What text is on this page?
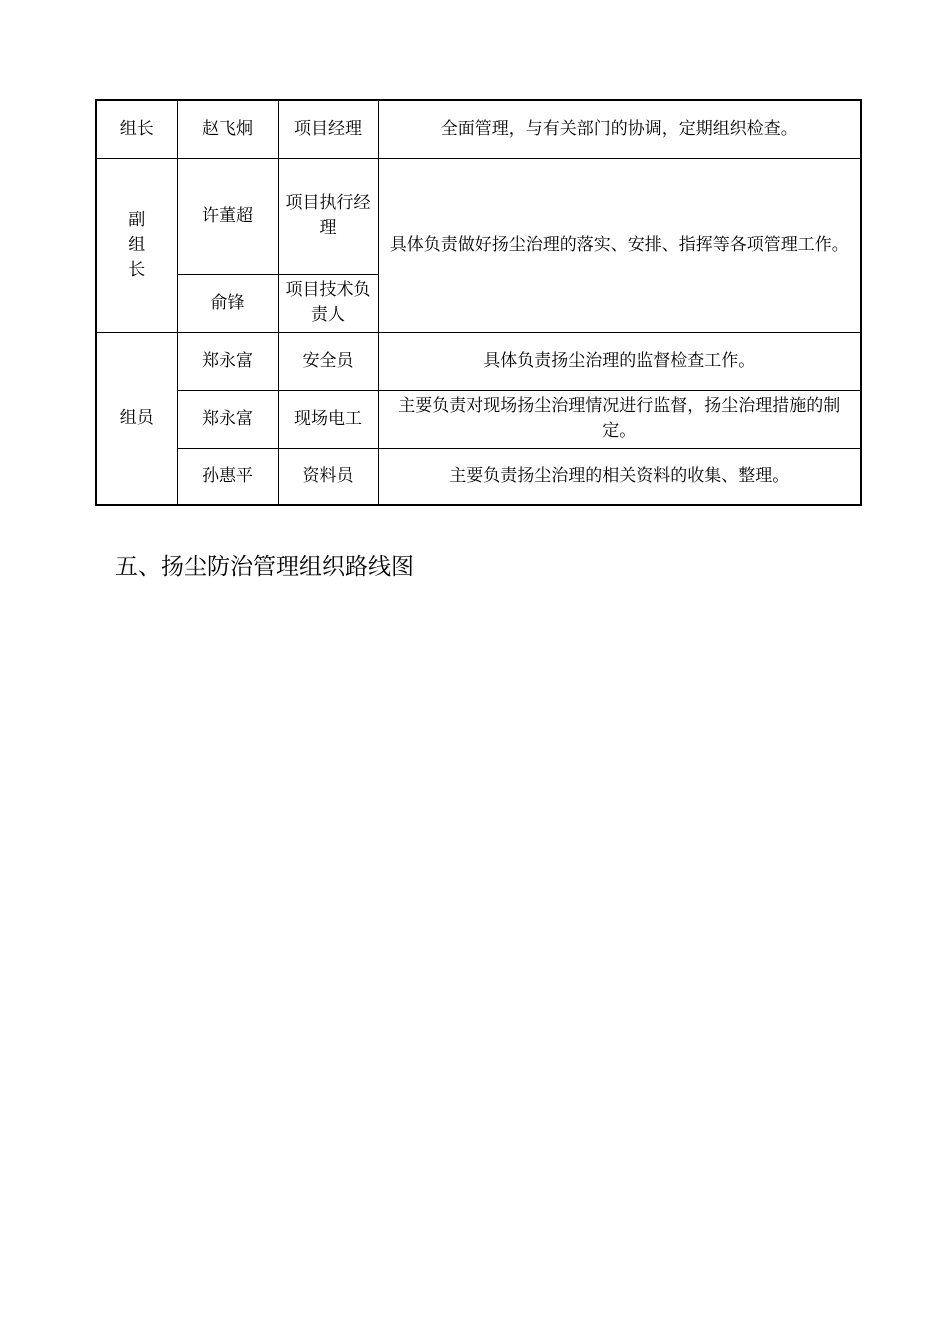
组长	赵飞炯	项目经理	全面管理，与有关部门的协调，定期组织检查。
副组长	许董超	项目执行经理	具体负责做好扬尘治理的落实、安排、指挥等各项管理工作。
	俞锋	项目技术负责人	
组员	郑永富	安全员	具体负责扬尘治理的监督检查工作。
	郑永富	现场电工	主要负责对现场扬尘治理情况进行监督，扬尘治理措施的制定。
	孙惠平	资料员	主要负责扬尘治理的相关资料的收集、整理。
五、扬尘防治管理组织路线图
